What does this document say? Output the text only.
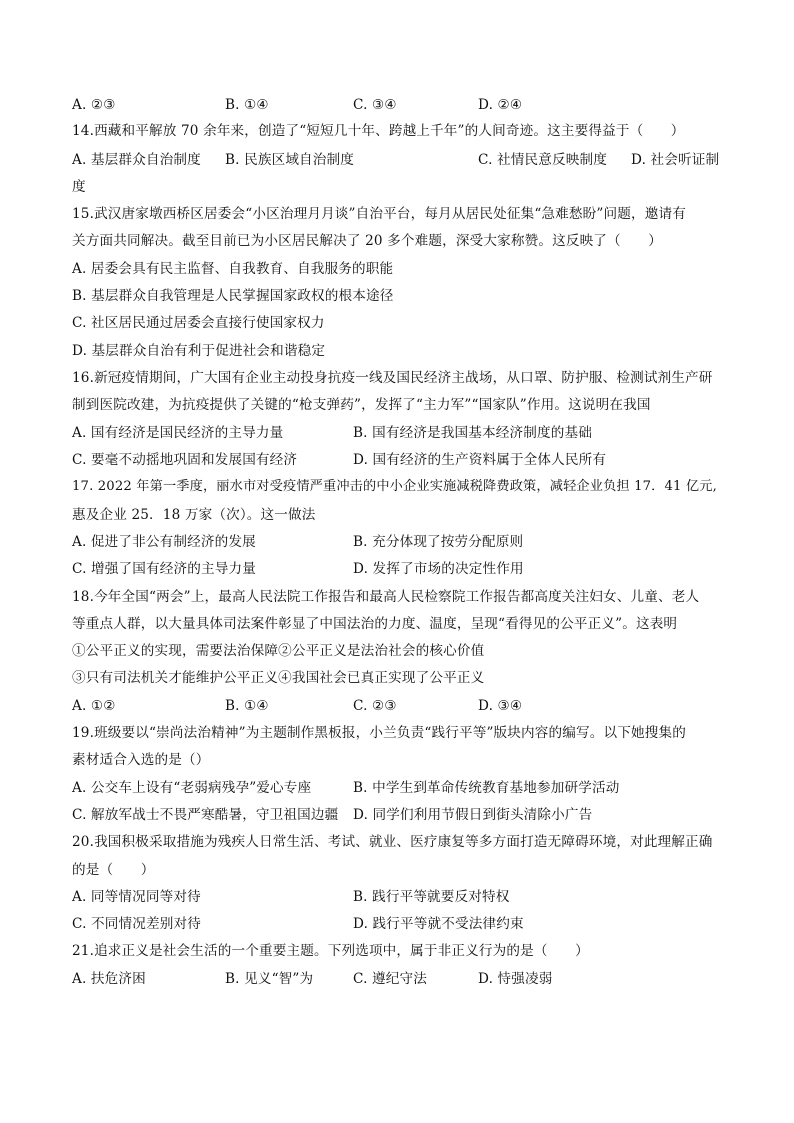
A. ②③	B. ①④	C. ③④	D. ②④
14.西藏和平解放 70 余年来，创造了“短短几十年、跨越上千年”的人间奇迹。这主要得益于（　　）
A. 基层群众自治制度 B. 民族区域自治制度	C. 社情民意反映制度 D. 社会听证制
度
15.武汉唐家墩西桥区居委会“小区治理月月谈”自治平台，每月从居民处征集“急难愁盼”问题，邀请有
关方面共同解决。截至目前已为小区居民解决了 20 多个难题，深受大家称赞。这反映了（　　）
A. 居委会具有民主监督、自我教育、自我服务的职能
B. 基层群众自我管理是人民掌握国家政权的根本途径
C. 社区居民通过居委会直接行使国家权力
D. 基层群众自治有利于促进社会和谐稳定
16.新冠疫情期间，广大国有企业主动投身抗疫一线及国民经济主战场，从口罩、防护服、检测试剂生产研
制到医院改建，为抗疫提供了关键的“枪支弹药”，发挥了“主力军”“国家队”作用。这说明在我国
A. 国有经济是国民经济的主导力量	B. 国有经济是我国基本经济制度的基础
C. 要毫不动摇地巩固和发展国有经济	D. 国有经济的生产资料属于全体人民所有
17. 2022 年第一季度，丽水市对受疫情严重冲击的中小企业实施减税降费政策，减轻企业负担 17．41 亿元,
惠及企业 25．18 万家（次）。这一做法
A. 促进了非公有制经济的发展	B. 充分体现了按劳分配原则
C. 增强了国有经济的主导力量	D. 发挥了市场的决定性作用
18.今年全国“两会”上，最高人民法院工作报告和最高人民检察院工作报告都高度关注妇女、儿童、老人
等重点人群，以大量具体司法案件彰显了中国法治的力度、温度，呈现“看得见的公平正义”。这表明
①公平正义的实现，需要法治保障②公平正义是法治社会的核心价值
③只有司法机关才能维护公平正义④我国社会已真正实现了公平正义
A. ①②	B. ①④	C. ②③	D. ③④
19.班级要以“崇尚法治精神”为主题制作黑板报，小兰负责“践行平等”版块内容的编写。以下她搜集的
素材适合入选的是（）
A. 公交车上设有“老弱病残孕”爱心专座	B. 中学生到革命传统教育基地参加研学活动
C. 解放军战士不畏严寒酷暑，守卫祖国边疆 D. 同学们利用节假日到街头清除小广告
20.我国积极采取措施为残疾人日常生活、考试、就业、医疗康复等多方面打造无障碍环境，对此理解正确
的是（　　）
A. 同等情况同等对待	B. 践行平等就要反对特权
C. 不同情况差别对待	D. 践行平等就不受法律约束
21.追求正义是社会生活的一个重要主题。下列选项中，属于非正义行为的是（　　）
A. 扶危济困	B. 见义“智”为	C. 遵纪守法	D. 恃强凌弱
